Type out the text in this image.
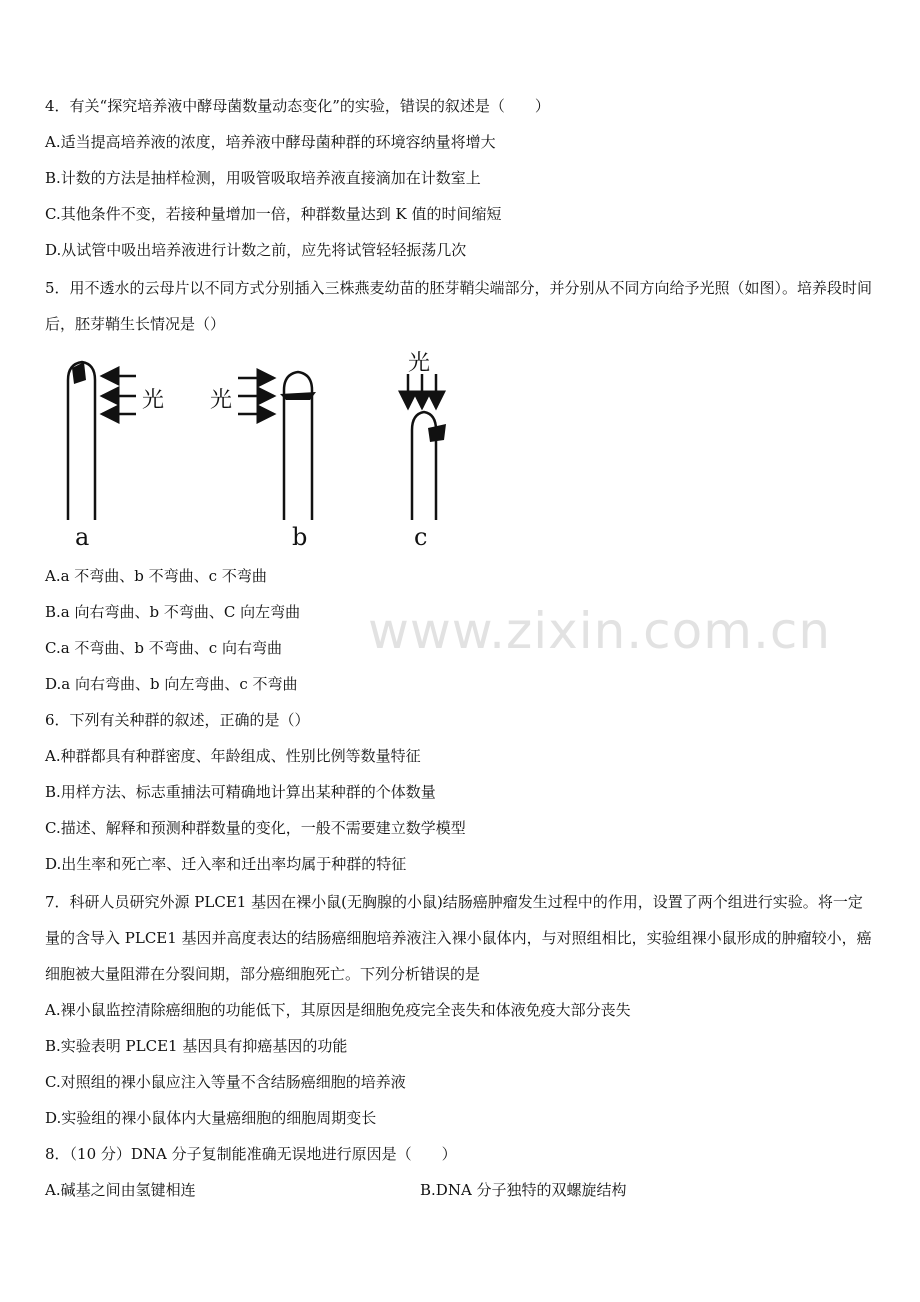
www.zixin.com.cn
4．有关“探究培养液中酵母菌数量动态变化”的实验，错误的叙述是（　　）
A.适当提高培养液的浓度，培养液中酵母菌种群的环境容纳量将增大
B.计数的方法是抽样检测，用吸管吸取培养液直接滴加在计数室上
C.其他条件不变，若接种量增加一倍，种群数量达到 K 值的时间缩短
D.从试管中吸出培养液进行计数之前，应先将试管轻轻振荡几次
5．用不透水的云母片以不同方式分别插入三株燕麦幼苗的胚芽鞘尖端部分，并分别从不同方向给予光照（如图）。培养段时间后，胚芽鞘生长情况是（）
光
a
光
b
光
c
A.a 不弯曲、b 不弯曲、c 不弯曲
B.a 向右弯曲、b 不弯曲、C 向左弯曲
C.a 不弯曲、b 不弯曲、c 向右弯曲
D.a 向右弯曲、b 向左弯曲、c 不弯曲
6．下列有关种群的叙述，正确的是（）
A.种群都具有种群密度、年龄组成、性别比例等数量特征
B.用样方法、标志重捕法可精确地计算出某种群的个体数量
C.描述、解释和预测种群数量的变化，一般不需要建立数学模型
D.出生率和死亡率、迁入率和迁出率均属于种群的特征
7．科研人员研究外源 PLCE1 基因在裸小鼠(无胸腺的小鼠)结肠癌肿瘤发生过程中的作用，设置了两个组进行实验。将一定量的含导入 PLCE1 基因并高度表达的结肠癌细胞培养液注入裸小鼠体内，与对照组相比，实验组裸小鼠形成的肿瘤较小，癌细胞被大量阻滞在分裂间期，部分癌细胞死亡。下列分析错误的是
A.裸小鼠监控清除癌细胞的功能低下，其原因是细胞免疫完全丧失和体液免疫大部分丧失
B.实验表明 PLCE1 基因具有抑癌基因的功能
C.对照组的裸小鼠应注入等量不含结肠癌细胞的培养液
D.实验组的裸小鼠体内大量癌细胞的细胞周期变长
8．（10 分）DNA 分子复制能准确无误地进行原因是（　　）
A.碱基之间由氢键相连	B.DNA 分子独特的双螺旋结构
